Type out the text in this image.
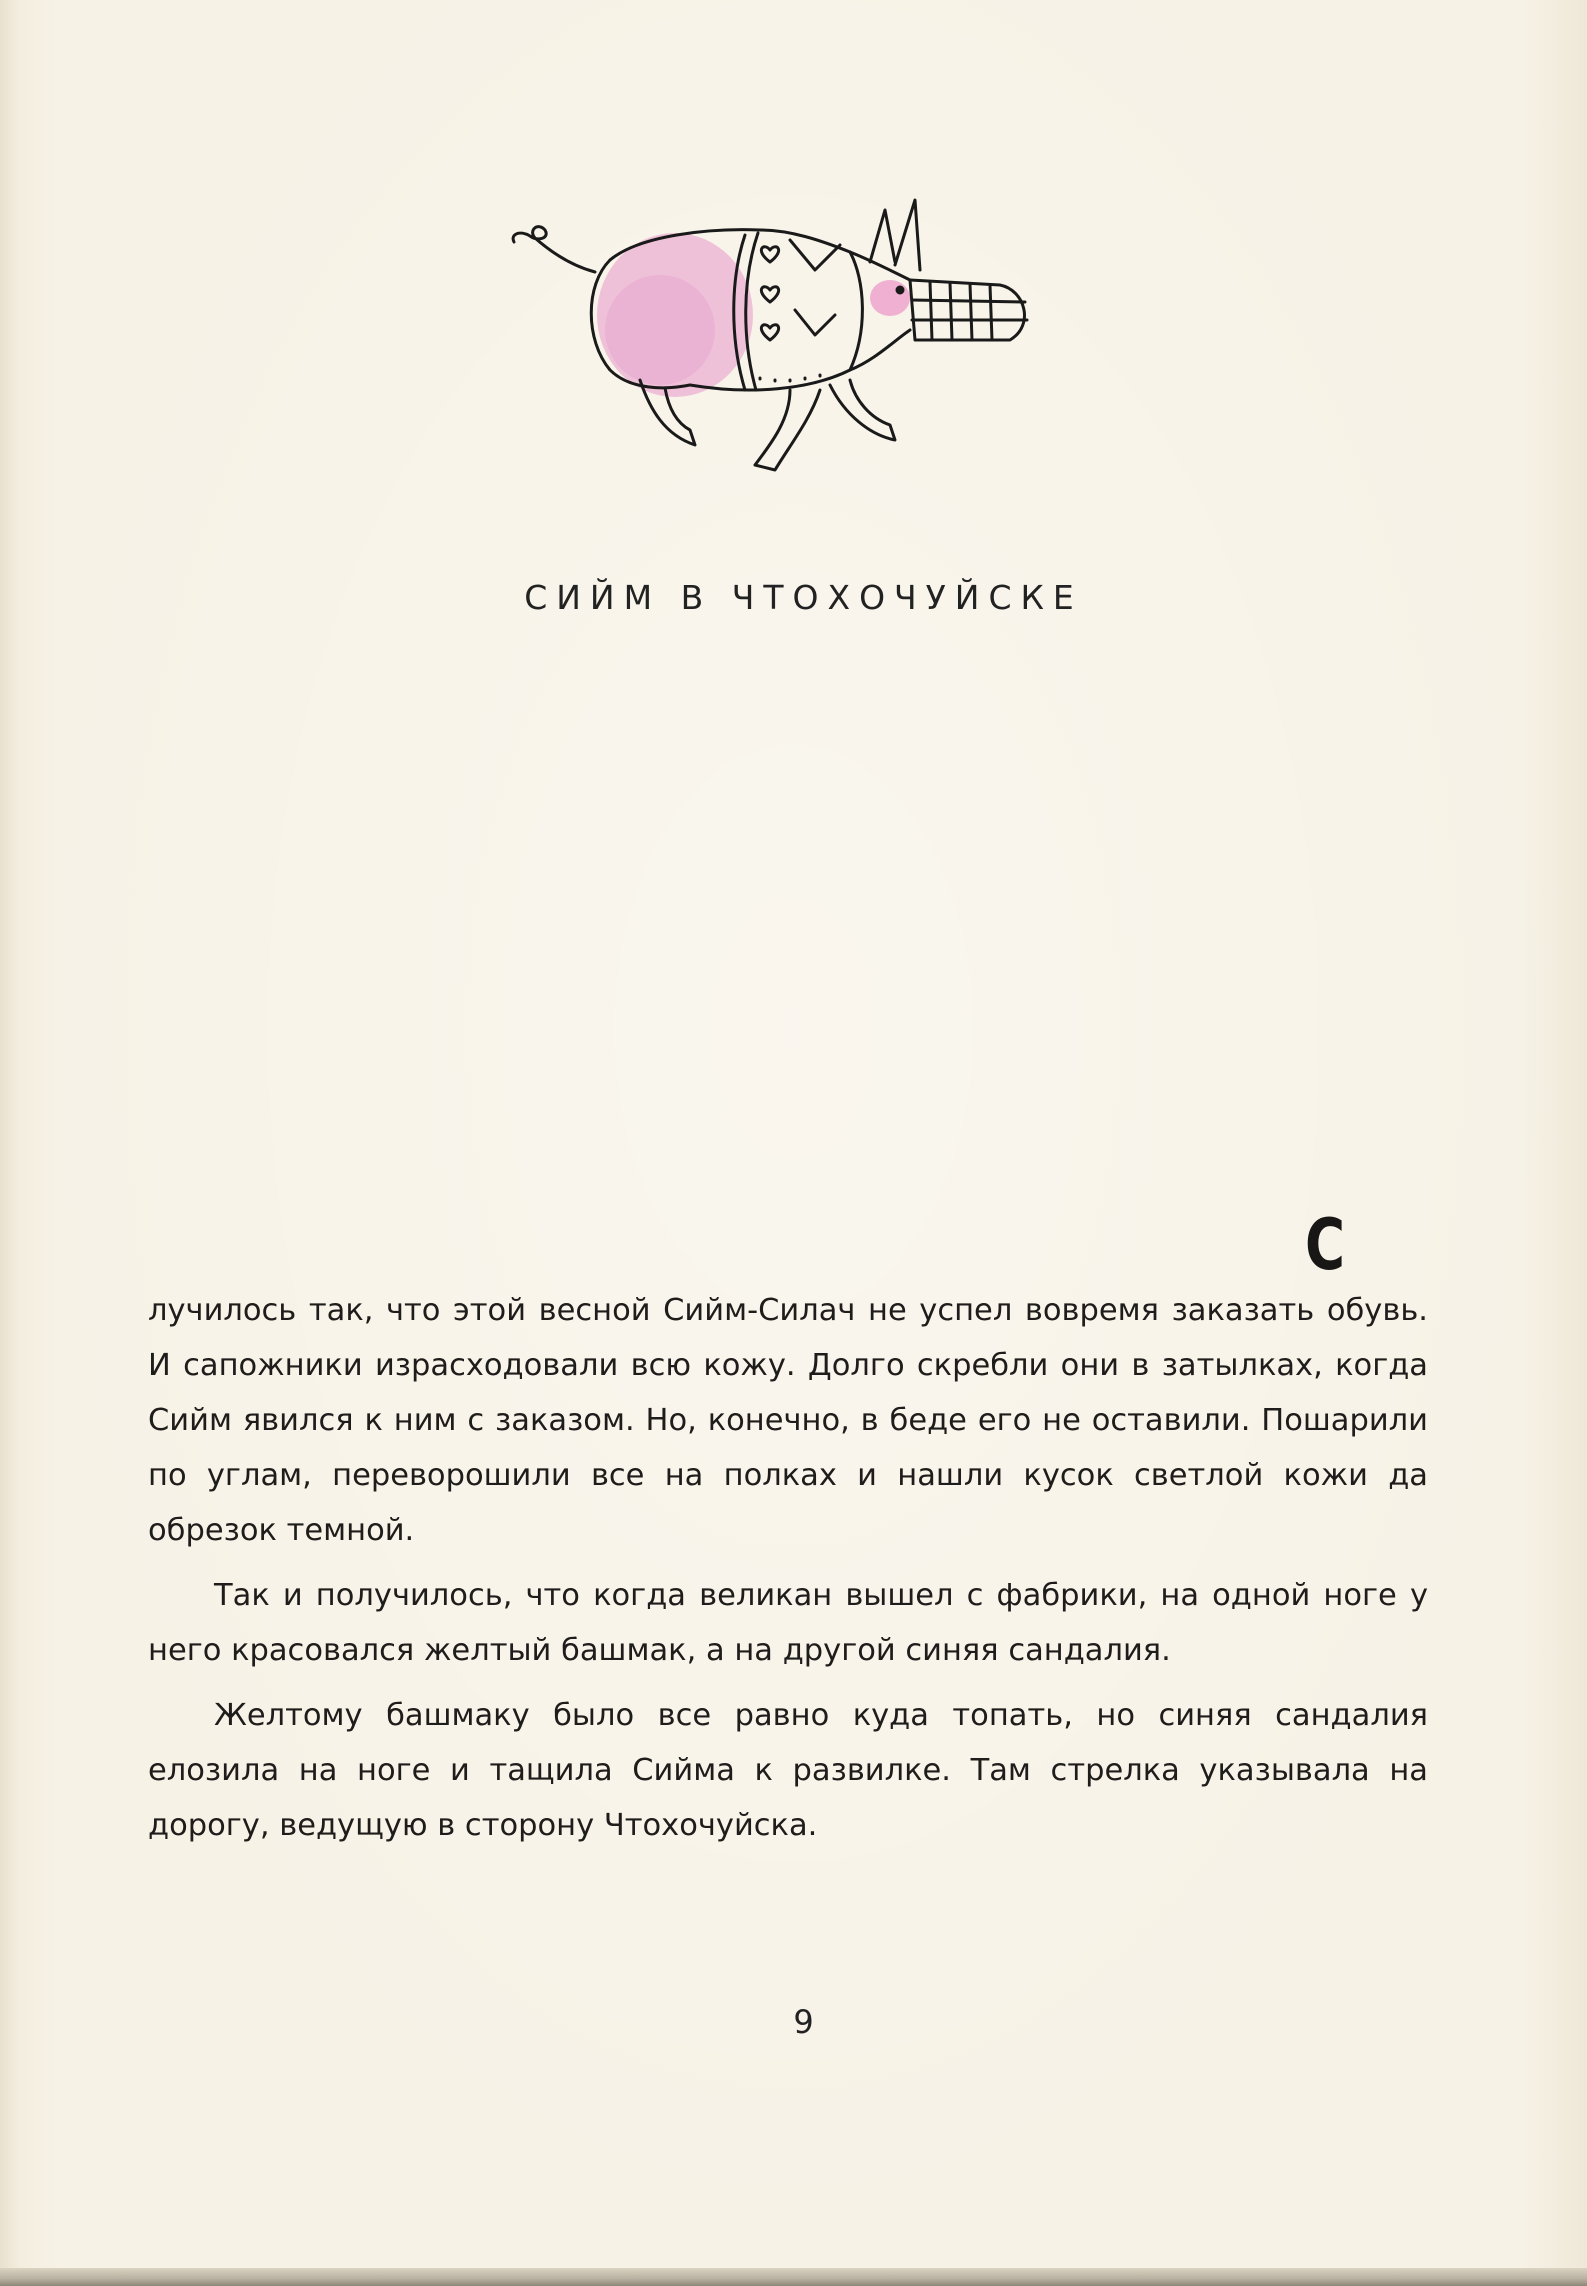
СИЙМ В ЧТОХОЧУЙСКЕ

Случилось так, что этой весной Сийм-Силач не успел вовремя заказать обувь. И сапожники израсходовали всю кожу. Долго скребли они в затылках, когда Сийм явился к ним с заказом. Но, конечно, в беде его не оставили. Пошарили по углам, переворошили все на полках и нашли кусок светлой кожи да обрезок темной.

Так и получилось, что когда великан вышел с фабрики, на одной ноге у него красовался желтый башмак, а на другой синяя сандалия.

Желтому башмаку было все равно куда топать, но синяя сандалия елозила на ноге и тащила Сийма к развилке. Там стрелка указывала на дорогу, ведущую в сторону Чтохочуйска.

9
